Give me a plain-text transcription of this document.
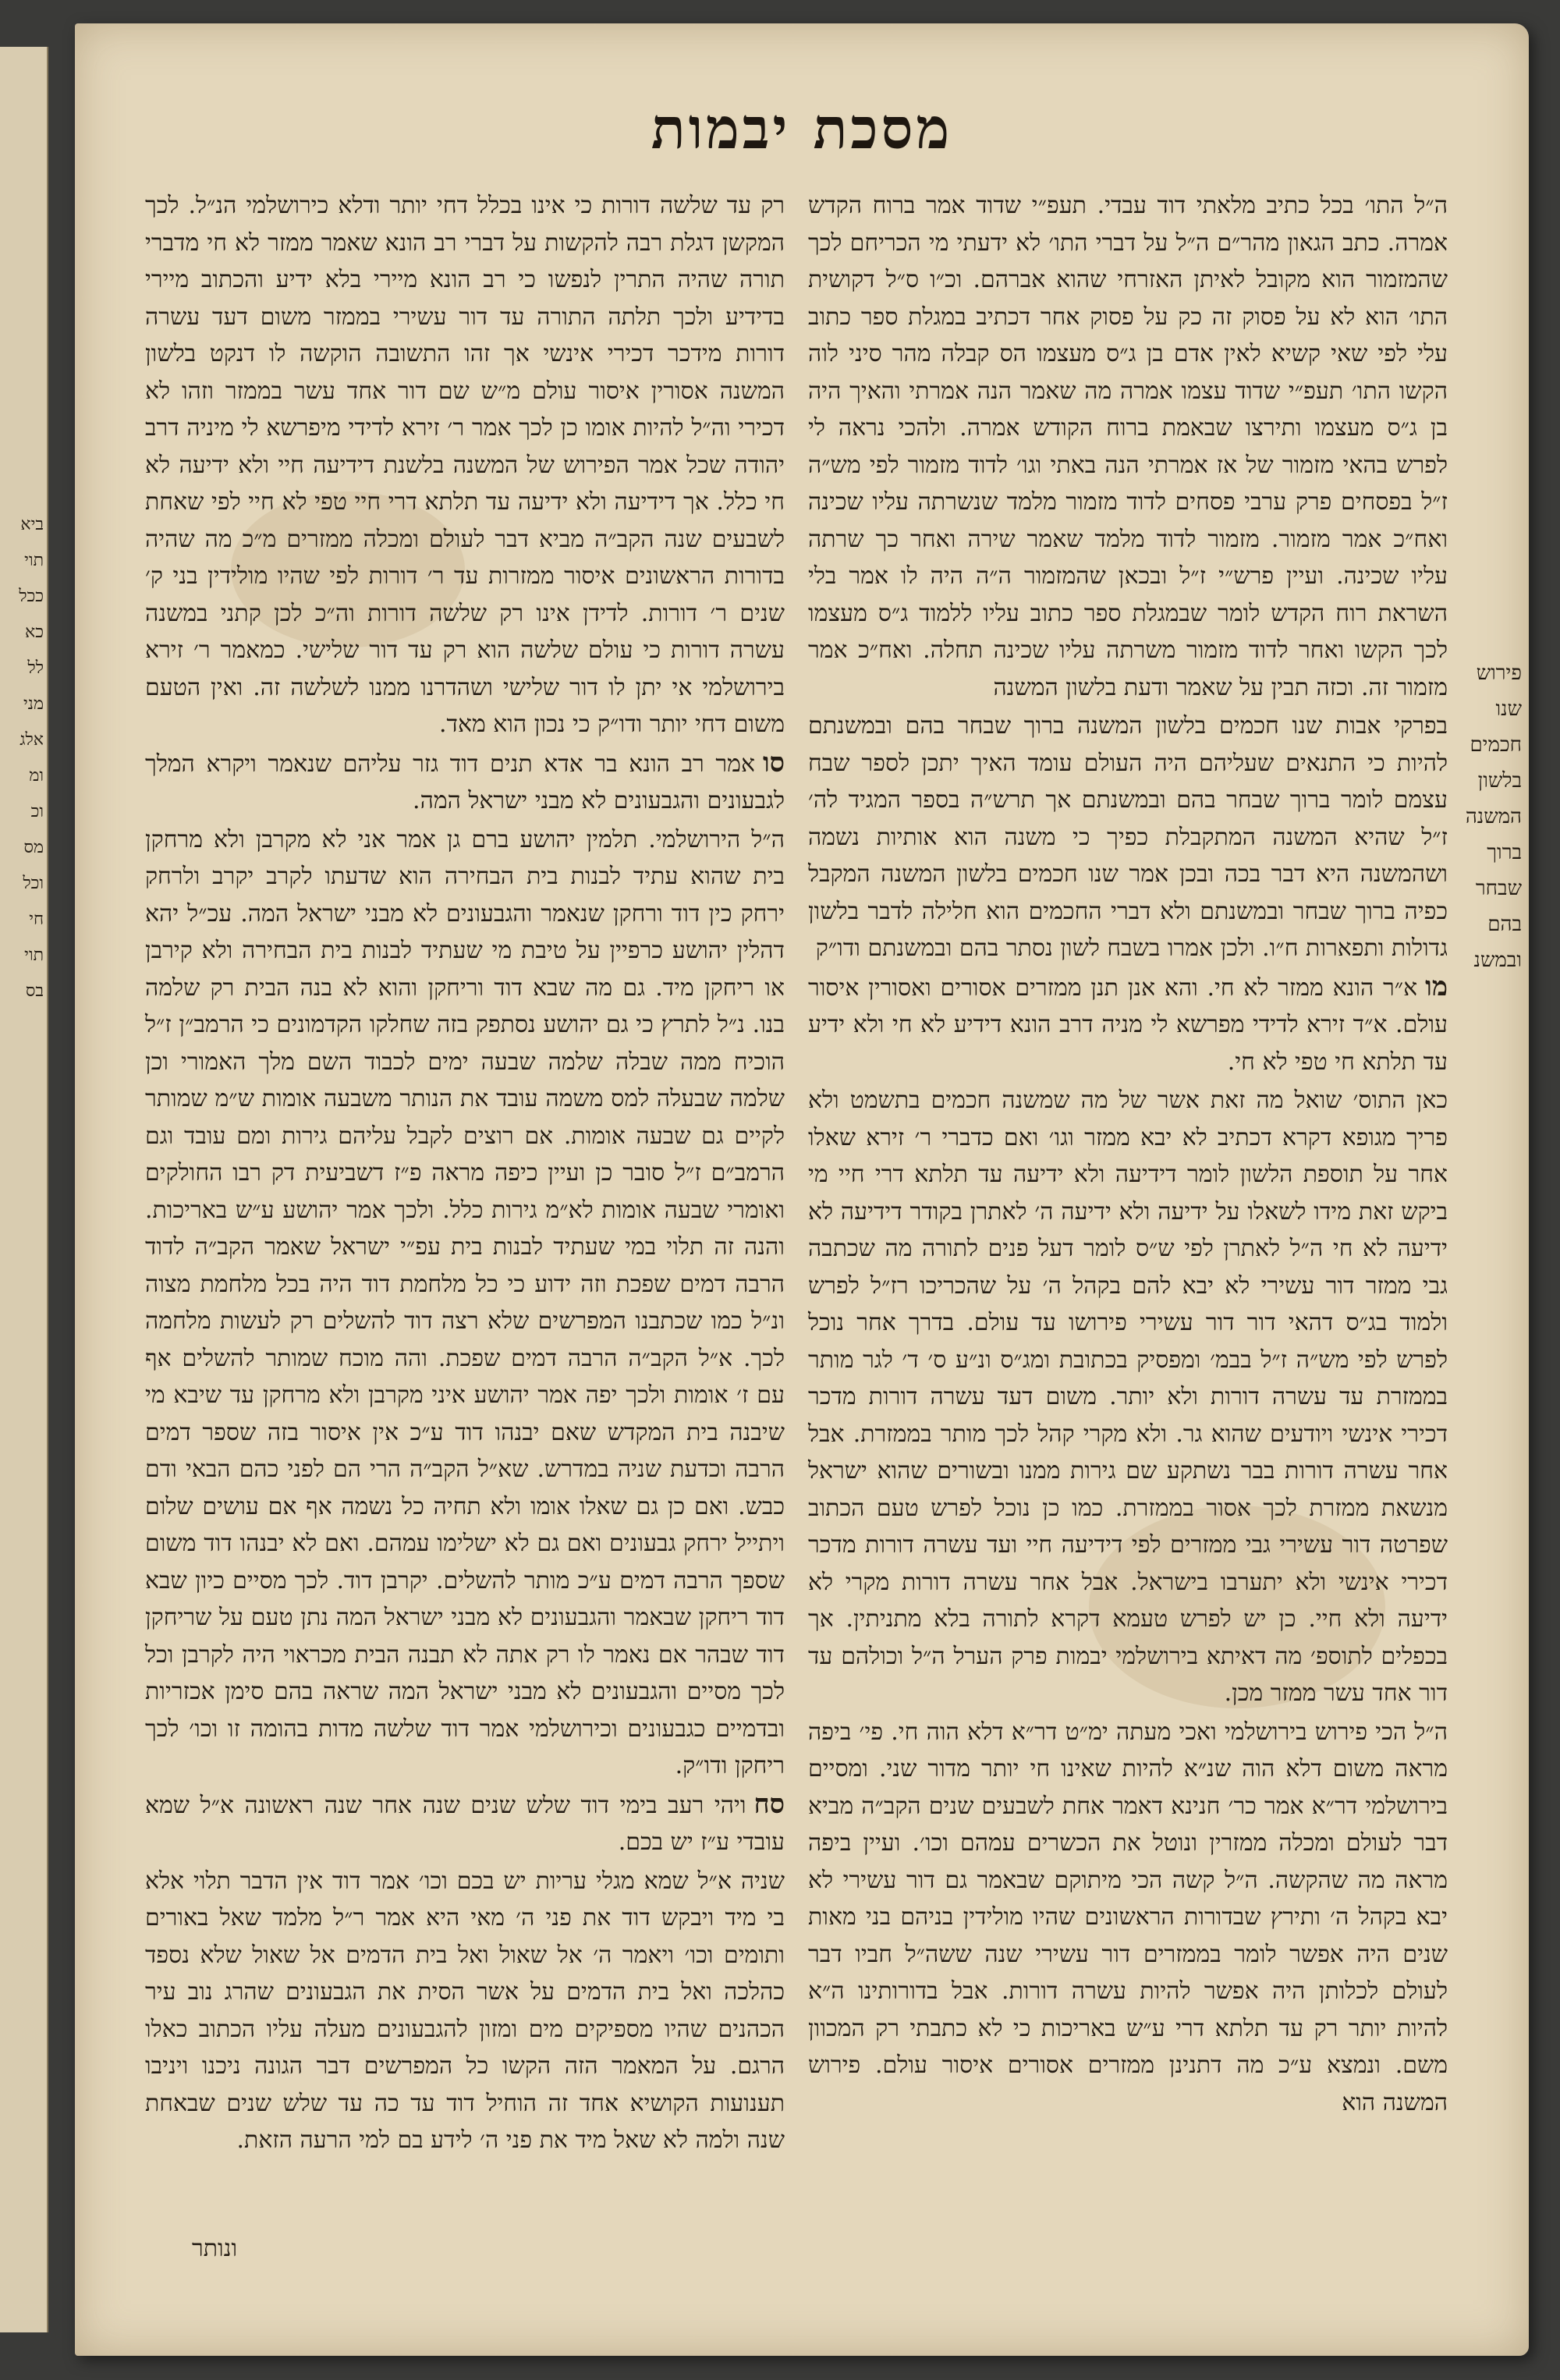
ביא
תוי
ככל
כא
לל
מני
אלג
ומ
וכ
מס
וכל
חי
תוי
בס
מסכת יבמות

ה״ל התו׳ בכל כתיב מלאתי דוד עבדי. תעפ״י שדוד אמר ברוח הקדש אמרה. כתב הגאון מהר״ם ה״ל על דברי התו׳ לא ידעתי מי הכריחם לכך שהמזמור הוא מקובל לאיתן האזרחי שהוא אברהם. וכ״ו ס״ל דקושית התו׳ הוא לא על פסוק זה כק על פסוק אחר דכתיב במגלת ספר כתוב עלי לפי שאי קשיא לאין אדם בן ג״ס מעצמו הס קבלה מהר סיני לוה הקשו התו׳ תעפ״י שדוד עצמו אמרה מה שאמר הנה אמרתי והאיך היה בן ג״ס מעצמו ותירצו שבאמת ברוח הקודש אמרה. ולהכי נראה לי לפרש בהאי מזמור של אז אמרתי הנה באתי וגו׳ לדוד מזמור לפי מש״ה ז״ל בפסחים פרק ערבי פסחים לדוד מזמור מלמד שנשרתה עליו שכינה ואח״כ אמר מזמור. מזמור לדוד מלמד שאמר שירה ואחר כך שרתה עליו שכינה. ועיין פרש״י ז״ל ובכאן שהמזמור ה״ה היה לו אמר בלי השראת רוח הקדש לומר שבמגלת ספר כתוב עליו ללמוד ג״ס מעצמו לכך הקשו ואחר לדוד מזמור משרתה עליו שכינה תחלה. ואח״כ אמר מזמור זה. וכזה תבין על שאמר ודעת בלשון המשנה

בפרקי אבות שנו חכמים בלשון המשנה ברוך שבחר בהם ובמשנתם להיות כי התנאים שעליהם היה העולם עומד האיך יתכן לספר שבח עצמם לומר ברוך שבחר בהם ובמשנתם אך תרש״ה בספר המגיד לה׳ ז״ל שהיא המשנה המתקבלת כפיך כי משנה הוא אותיות נשמה ושהמשנה היא דבר בכה ובכן אמר שנו חכמים בלשון המשנה המקבל כפיה ברוך שבחר ובמשנתם ולא דברי החכמים הוא חלילה לדבר בלשון גדולות ותפארות ח״ו. ולכן אמרו בשבח לשון נסתר בהם ובמשנתם ודו״ק

מוא״ר הונא ממזר לא חי. והא אנן תנן ממזרים אסורים ואסורין איסור עולם. א״ד זירא לדידי מפרשא לי מניה דרב הונא דידיע לא חי ולא ידיע עד תלתא חי טפי לא חי.

כאן התוס׳ שואל מה זאת אשר של מה שמשנה חכמים בתשמט ולא פריך מגופא דקרא דכתיב לא יבא ממזר וגו׳ ואם כדברי ר׳ זירא שאלו אחר על תוספת הלשון לומר דידיעה ולא ידיעה עד תלתא דרי חיי מי ביקש זאת מידו לשאלו על ידיעה ולא ידיעה ה׳ לאתרן בקודר דידיעה לא ידיעה לא חי ה״ל לאתרן לפי ש״ס לומר דעל פנים לתורה מה שכתבה גבי ממזר דור עשירי לא יבא להם בקהל ה׳ על שהכריכו רז״ל לפרש ולמוד בג״ס דהאי דור דור עשירי פירושו עד עולם. בדרך אחר נוכל לפרש לפי מש״ה ז״ל בבמ׳ ומפסיק בכתובת ומג״ס ונ״ע ס׳ ד׳ לגר מותר בממזרת עד עשרה דורות ולא יותר. משום דעד עשרה דורות מדכר דכירי אינשי ויודעים שהוא גר. ולא מקרי קהל לכך מותר בממזרת. אבל אחר עשרה דורות בבר נשתקע שם גירות ממנו ובשורים שהוא ישראל מנשאת ממזרת לכך אסור בממזרת. כמו כן נוכל לפרש טעם הכתוב שפרטה דור עשירי גבי ממזרים לפי דידיעה חיי ועד עשרה דורות מדכר דכירי אינשי ולא יתערבו בישראל. אבל אחר עשרה דורות מקרי לא ידיעה ולא חיי. כן יש לפרש טעמא דקרא לתורה בלא מתניתין. אך בכפלים לתוספ׳ מה דאיתא בירושלמי יבמות פרק הערל ה״ל וכולהם עד דור אחד עשר ממזר מכן.

ה״ל הכי פירוש בירושלמי ואכי מעתה ימ״ט דר״א דלא הוה חי. פי׳ ביפה מראה משום דלא הוה שנ״א להיות שאינו חי יותר מדור שני. ומסיים בירושלמי דר״א אמר כר׳ חנינא דאמר אחת לשבעים שנים הקב״ה מביא דבר לעולם ומכלה ממזרין ונוטל את הכשרים עמהם וכו׳. ועיין ביפה מראה מה שהקשה. ה״ל קשה הכי מיתוקם שבאמר גם דור עשירי לא יבא בקהל ה׳ ותירץ שבדורות הראשונים שהיו מולידין בניהם בני מאות שנים היה אפשר לומר בממזרים דור עשירי שנה ששה״ל חביו דבר לעולם לכלותן היה אפשר להיות עשרה דורות. אבל בדורותינו ה״א להיות יותר רק עד תלתא דרי ע״ש באריכות כי לא כתבתי רק המכוון משם. ונמצא ע״כ מה דתנינן ממזרים אסורים איסור עולם. פירוש המשנה הוא

רק עד שלשה דורות כי אינו בכלל דחי יותר ודלא כירושלמי הנ״ל. לכך המקשן דגלת רבה להקשות על דברי רב הונא שאמר ממזר לא חי מדברי תורה שהיה התרין לנפשו כי רב הונא מיירי בלא ידיע והכתוב מיירי בדידיע ולכך תלתה התורה עד דור עשירי בממזר משום דעד עשרה דורות מידכר דכירי אינשי אך זהו התשובה הוקשה לו דנקט בלשון המשנה אסורין איסור עולם מ״ש שם דור אחד עשר בממזר וזהו לא דכירי וה״ל להיות אומו כן לכך אמר ר׳ זירא לדידי מיפרשא לי מיניה דרב יהודה שכל אמר הפירוש של המשנה בלשנת דידיעה חיי ולא ידיעה לא חי כלל. אך דידיעה ולא ידיעה עד תלתא דרי חיי טפי לא חיי לפי שאחת לשבעים שנה הקב״ה מביא דבר לעולם ומכלה ממזרים מ״כ מה שהיה בדורות הראשונים איסור ממזרות עד ר׳ דורות לפי שהיו מולידין בני ק׳ שנים ר׳ דורות. לדידן אינו רק שלשה דורות וה״כ לכן קתני במשנה עשרה דורות כי עולם שלשה הוא רק עד דור שלישי. כמאמר ר׳ זירא בירושלמי אי יתן לו דור שלישי ושהדרנו ממנו לשלשה זה. ואין הטעם משום דחי יותר ודו״ק כי נכון הוא מאד.

סואמר רב הונא בר אדא תנים דוד גזר עליהם שנאמר ויקרא המלך לגבעונים והגבעונים לא מבני ישראל המה.

ה״ל הירושלמי. תלמין יהושע ברם גן אמר אני לא מקרבן ולא מרחקן בית שהוא עתיד לבנות בית הבחירה הוא שדעתו לקרב יקרב ולרחק ירחק כין דוד ורחקן שנאמר והגבעונים לא מבני ישראל המה. עכ״ל יהא דהלין יהושע כרפיין על טיבת מי שעתיד לבנות בית הבחירה ולא קירבן או ריחקן מיד. גם מה שבא דוד וריחקן והוא לא בנה הבית רק שלמה בנו. נ״ל לתרץ כי גם יהושע נסתפק בזה שחלקו הקדמונים כי הרמב״ן ז״ל הוכיח ממה שבלה שלמה שבעה ימים לכבוד השם מלך האמורי וכן שלמה שבעלה למס משמה עובד את הנותר משבעה אומות ש״מ שמותר לקיים גם שבעה אומות. אם רוצים לקבל עליהם גירות ומם עובד וגם הרמב״ם ז״ל סובר כן ועיין כיפה מראה פ״ז דשביעית דק רבו החולקים ואומרי שבעה אומות לא״מ גירות כלל. ולכך אמר יהושע ע״ש באריכות. והנה זה תלוי במי שעתיד לבנות בית עפ״י ישראל שאמר הקב״ה לדוד הרבה דמים שפכת וזה ידוע כי כל מלחמת דוד היה בכל מלחמת מצוה ונ״ל כמו שכתבנו המפרשים שלא רצה דוד להשלים רק לעשות מלחמה לכך. א״ל הקב״ה הרבה דמים שפכת. והה מוכח שמותר להשלים אף עם ז׳ אומות ולכך יפה אמר יהושע איני מקרבן ולא מרחקן עד שיבא מי שיבנה בית המקדש שאם יבנהו דוד ע״כ אין איסור בזה שספר דמים הרבה וכדעת שניה במדרש. שא״ל הקב״ה הרי הם לפני כהם הבאי ודם כבש. ואם כן גם שאלו אומו ולא תחיה כל נשמה אף אם עושים שלום ויתייל ירחק גבעונים ואם גם לא ישלימו עמהם. ואם לא יבנהו דוד משום שספך הרבה דמים ע״כ מותר להשלים. יקרבן דוד. לכך מסיים כיון שבא דוד ריחקן שבאמר והגבעונים לא מבני ישראל המה נתן טעם על שריחקן דוד שבהר אם נאמר לו רק אתה לא תבנה הבית מכראוי היה לקרבן וכל לכך מסיים והגבעונים לא מבני ישראל המה שראה בהם סימן אכזריות ובדמיים כגבעונים וכירושלמי אמר דוד שלשה מדות בהומה זו וכו׳ לכך ריחקן ודו״ק.

סחויהי רעב בימי דוד שלש שנים שנה אחר שנה ראשונה א״ל שמא עובדי ע״ז יש בכם.

שניה א״ל שמא מגלי עריות יש בכם וכו׳ אמר דוד אין הדבר תלוי אלא בי מיד ויבקש דוד את פני ה׳ מאי היא אמר ר״ל מלמד שאל באורים ותומים וכו׳ ויאמר ה׳ אל שאול ואל בית הדמים אל שאול שלא נספד כהלכה ואל בית הדמים על אשר הסית את הגבעונים שהרג נוב עיר הכהנים שהיו מספיקים מים ומזון להגבעונים מעלה עליו הכתוב כאלו הרגם. על המאמר הזה הקשו כל המפרשים דבר הגונה ניכנו ויניבו תענועות הקושיא אחד זה הוחיל דוד עד כה עד שלש שנים שבאחת שנה ולמה לא שאל מיד את פני ה׳ לידע בם למי הרעה הזאת.

פירוש
שנו
חכמים
בלשון
המשנה
ברוך
שבחר
בהם
ובמשנ
ונותר
